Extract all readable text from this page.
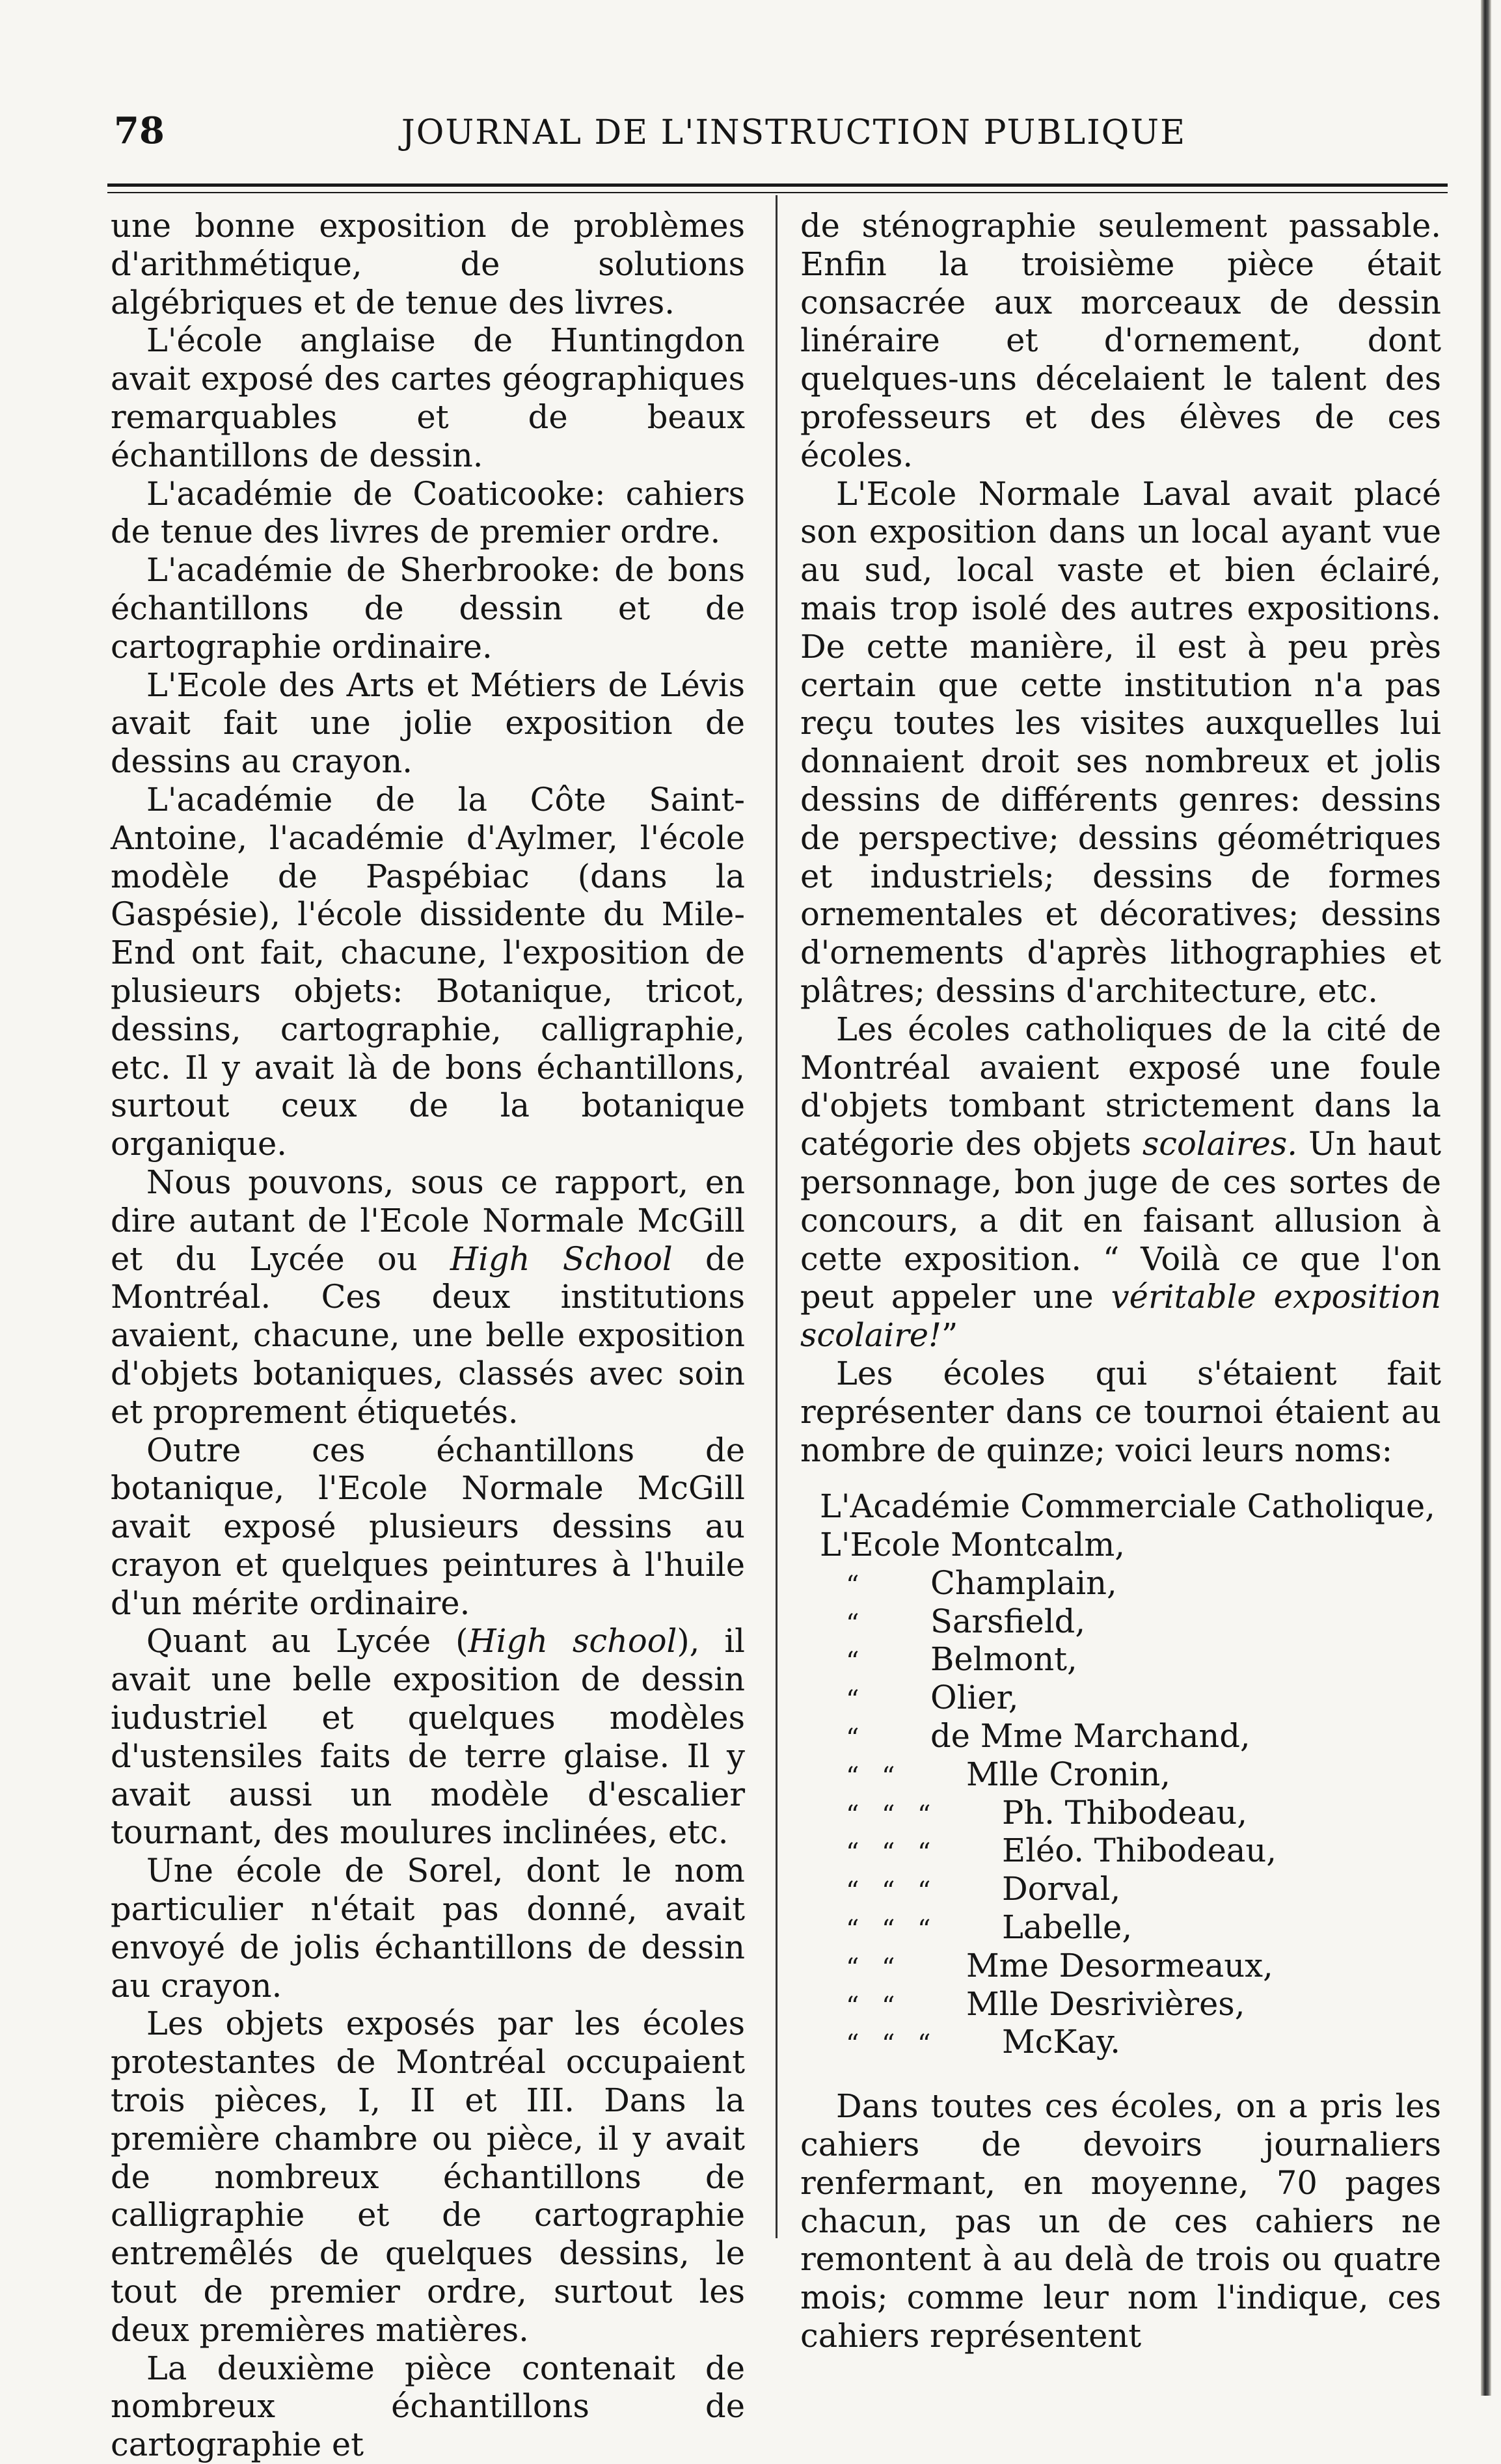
78	JOURNAL DE L'INSTRUCTION PUBLIQUE

une bonne exposition de problèmes d'arithmétique, de solutions algébriques et de tenue des livres.

L'école anglaise de Huntingdon avait exposé des cartes géographiques remarquables et de beaux échantillons de dessin.

L'académie de Coaticooke: cahiers de tenue des livres de premier ordre.

L'académie de Sherbrooke: de bons échantillons de dessin et de cartographie ordinaire.

L'Ecole des Arts et Métiers de Lévis avait fait une jolie exposition de dessins au crayon.

L'académie de la Côte Saint-Antoine, l'académie d'Aylmer, l'école modèle de Paspébiac (dans la Gaspésie), l'école dissidente du Mile-End ont fait, chacune, l'exposition de plusieurs objets: Botanique, tricot, dessins, cartographie, calligraphie, etc. Il y avait là de bons échantillons, surtout ceux de la botanique organique.

Nous pouvons, sous ce rapport, en dire autant de l'Ecole Normale McGill et du Lycée ou High School de Montréal. Ces deux institutions avaient, chacune, une belle exposition d'objets botaniques, classés avec soin et proprement étiquetés.

Outre ces échantillons de botanique, l'Ecole Normale McGill avait exposé plusieurs dessins au crayon et quelques peintures à l'huile d'un mérite ordinaire.

Quant au Lycée (High school), il avait une belle exposition de dessin iudustriel et quelques modèles d'ustensiles faits de terre glaise. Il y avait aussi un modèle d'escalier tournant, des moulures inclinées, etc.

Une école de Sorel, dont le nom particulier n'était pas donné, avait envoyé de jolis échantillons de dessin au crayon.

Les objets exposés par les écoles protestantes de Montréal occupaient trois pièces, I, II et III. Dans la première chambre ou pièce, il y avait de nombreux échantillons de calligraphie et de cartographie entremêlés de quelques dessins, le tout de premier ordre, surtout les deux premières matières.

La deuxième pièce contenait de nombreux échantillons de cartographie et

de sténographie seulement passable. Enfin la troisième pièce était consacrée aux morceaux de dessin linéraire et d'ornement, dont quelques-uns décelaient le talent des professeurs et des élèves de ces écoles.

L'Ecole Normale Laval avait placé son exposition dans un local ayant vue au sud, local vaste et bien éclairé, mais trop isolé des autres expositions. De cette manière, il est à peu près certain que cette institution n'a pas reçu toutes les visites auxquelles lui donnaient droit ses nombreux et jolis dessins de différents genres: dessins de perspective; dessins géométriques et industriels; dessins de formes ornementales et décoratives; dessins d'ornements d'après lithographies et plâtres; dessins d'architecture, etc.

Les écoles catholiques de la cité de Montréal avaient exposé une foule d'objets tombant strictement dans la catégorie des objets scolaires. Un haut personnage, bon juge de ces sortes de concours, a dit en faisant allusion à cette exposition. “ Voilà ce que l'on peut appeler une véritable exposition scolaire!”

Les écoles qui s'étaient fait représenter dans ce tournoi étaient au nombre de quinze; voici leurs noms:

L'Académie Commerciale Catholique,
L'Ecole Montcalm,
“ Champlain,
“ Sarsfield,
“ Belmont,
“ Olier,
“ de Mme Marchand,
“ “ Mlle Cronin,
“ “ “ Ph. Thibodeau,
“ “ “ Eléo. Thibodeau,
“ “ “ Dorval,
“ “ “ Labelle,
“ “ Mme Desormeaux,
“ “ Mlle Desrivières,
“ “ “ McKay.

Dans toutes ces écoles, on a pris les cahiers de devoirs journaliers renfermant, en moyenne, 70 pages chacun, pas un de ces cahiers ne remontent à au delà de trois ou quatre mois; comme leur nom l'indique, ces cahiers représentent
